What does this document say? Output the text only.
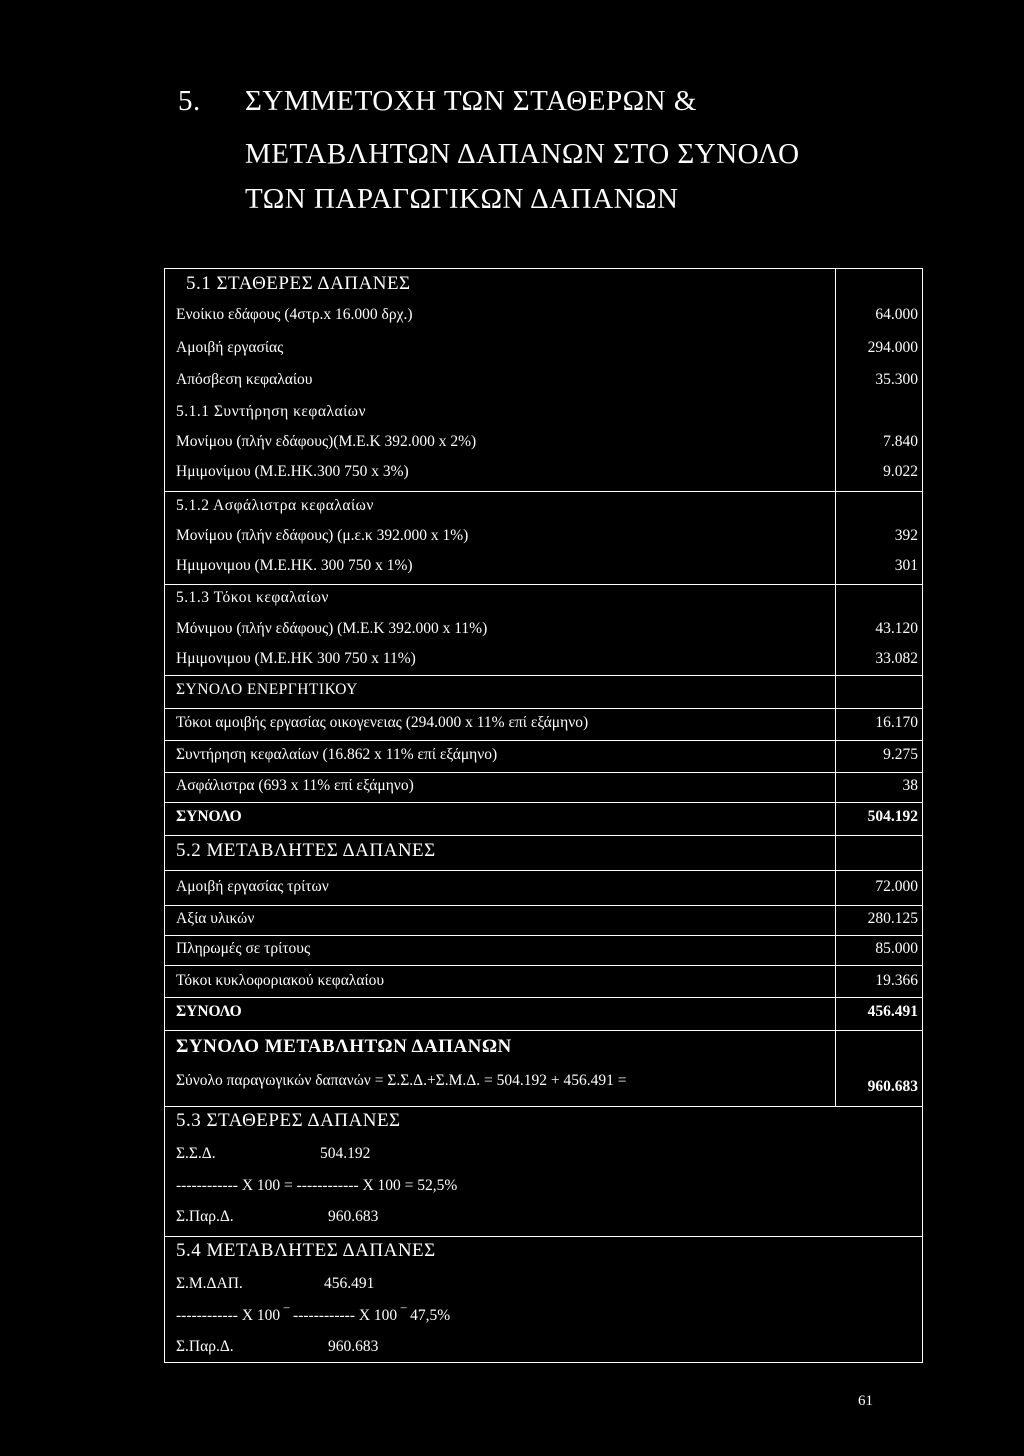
5. ΣΥΜΜΕΤΟΧΗ ΤΩΝ ΣΤΑΘΕΡΩΝ &
ΜΕΤΑΒΛΗΤΩΝ ΔΑΠΑΝΩΝ ΣΤΟ ΣΥΝΟΛΟ
ΤΩΝ ΠΑΡΑΓΩΓΙΚΩΝ ΔΑΠΑΝΩΝ
5.1 ΣΤΑΘΕΡΕΣ ΔΑΠΑΝΕΣ
Ενοίκιο εδάφους (4στρ.x 16.000 δρχ.)	64.000
Αμοιβή εργασίας	294.000
Απόσβεση κεφαλαίου	35.300
5.1.1 Συντήρηση κεφαλαίων
Μονίμου (πλήν εδάφους)(Μ.Ε.Κ 392.000 x 2%)	7.840
Ημιμονίμου (Μ.Ε.ΗΚ.300 750 x 3%)	9.022
5.1.2 Ασφάλιστρα κεφαλαίων
Μονίμου (πλήν εδάφους) (μ.ε.κ 392.000 x 1%)	392
Ημιμονιμου (Μ.Ε.ΗΚ. 300 750 x 1%)	301
5.1.3 Τόκοι κεφαλαίων
Μόνιμου (πλήν εδάφους) (Μ.Ε.Κ 392.000 x 11%)	43.120
Ημιμονιμου (Μ.Ε.ΗΚ 300 750 x 11%)	33.082
ΣΥΝΟΛΟ ΕΝΕΡΓΗΤΙΚΟΥ
Τόκοι αμοιβής εργασίας οικογενειας (294.000 x 11% επί εξάμηνο)	16.170
Συντήρηση κεφαλαίων (16.862 x 11% επί εξάμηνο)	9.275
Ασφάλιστρα (693 x 11% επί εξάμηνο)	38
ΣΥΝΟΛΟ	504.192
5.2 ΜΕΤΑΒΛΗΤΕΣ ΔΑΠΑΝΕΣ
Αμοιβή εργασίας τρίτων	72.000
Αξία υλικών	280.125
Πληρωμές σε τρίτους	85.000
Τόκοι κυκλοφοριακού κεφαλαίου	19.366
ΣΥΝΟΛΟ	456.491
ΣΥΝΟΛΟ ΜΕΤΑΒΛΗΤΩΝ ΔΑΠΑΝΩΝ
Σύνολο παραγωγικών δαπανών = Σ.Σ.Δ.+Σ.Μ.Δ. = 504.192 + 456.491 =	960.683
5.3 ΣΤΑΘΕΡΕΣ ΔΑΠΑΝΕΣ
Σ.Σ.Δ.	504.192
------------ X 100 = ------------ X 100 = 52,5%
Σ.Παρ.Δ.	960.683
5.4 ΜΕΤΑΒΛΗΤΕΣ ΔΑΠΑΝΕΣ
Σ.Μ.ΔΑΠ.	456.491
------------ X 100 ‾ ------------ X 100 ‾ 47,5%
Σ.Παρ.Δ.	960.683
61
